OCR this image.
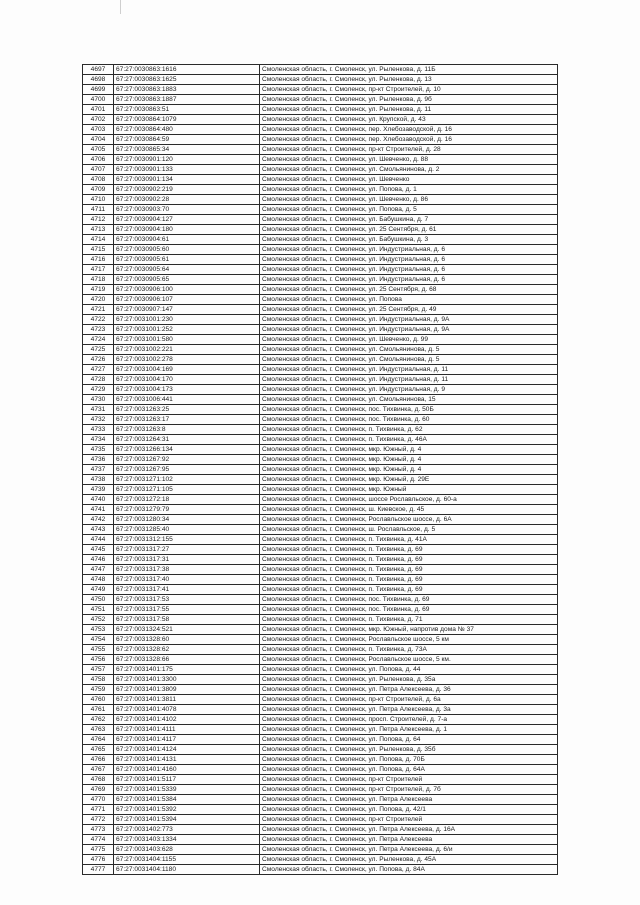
4697	67:27:0030863:1616	Смоленская область, г. Смоленск, ул. Рыленкова, д. 11Б
4698	67:27:0030863:1625	Смоленская область, г. Смоленск, ул. Рыленкова, д. 13
4699	67:27:0030863:1883	Смоленская область, г. Смоленск, пр-кт Строителей, д. 10
4700	67:27:0030863:1887	Смоленская область, г. Смоленск, ул. Рыленкова, д. 9б
4701	67:27:0030863:51	Смоленская область, г. Смоленск, ул. Рыленкова, д. 11
4702	67:27:0030864:1079	Смоленская область, г. Смоленск, ул. Крупской, д. 43
4703	67:27:0030864:480	Смоленская область, г. Смоленск, пер. Хлебозаводской, д. 16
4704	67:27:0030864:59	Смоленская область, г. Смоленск, пер. Хлебозаводской, д. 16
4705	67:27:0030865:34	Смоленская область, г. Смоленск, пр-кт Строителей, д. 28
4706	67:27:0030901:120	Смоленская область, г. Смоленск, ул. Шевченко, д. 88
4707	67:27:0030901:133	Смоленская область, г. Смоленск, ул. Смольянинова, д. 2
4708	67:27:0030901:134	Смоленская область, г. Смоленск, ул. Шевченко
4709	67:27:0030902:219	Смоленская область, г. Смоленск, ул. Попова, д. 1
4710	67:27:0030902:28	Смоленская область, г. Смоленск, ул. Шевченко, д. 86
4711	67:27:0030903:70	Смоленская область, г. Смоленск, ул. Попова, д. 5
4712	67:27:0030904:127	Смоленская область, г. Смоленск, ул. Бабушкина, д. 7
4713	67:27:0030904:180	Смоленская область, г. Смоленск, ул. 25 Сентября, д. 61
4714	67:27:0030904:61	Смоленская область, г. Смоленск, ул. Бабушкина, д. 3
4715	67:27:0030905:60	Смоленская область, г. Смоленск, ул. Индустриальная, д. 6
4716	67:27:0030905:61	Смоленская область, г. Смоленск, ул. Индустриальная, д. 6
4717	67:27:0030905:64	Смоленская область, г. Смоленск, ул. Индустриальная, д. 6
4718	67:27:0030905:65	Смоленская область, г. Смоленск, ул. Индустриальная, д. 6
4719	67:27:0030906:100	Смоленская область, г. Смоленск, ул. 25 Сентября, д. 68
4720	67:27:0030906:107	Смоленская область, г. Смоленск, ул. Попова
4721	67:27:0030907:147	Смоленская область, г. Смоленск, ул. 25 Сентября, д. 49
4722	67:27:0031001:230	Смоленская область, г. Смоленск, ул. Индустриальная, д. 9А
4723	67:27:0031001:252	Смоленская область, г. Смоленск, ул. Индустриальная, д. 9А
4724	67:27:0031001:580	Смоленская область, г. Смоленск, ул. Шевченко, д. 99
4725	67:27:0031002:221	Смоленская область, г. Смоленск, ул. Смольянинова, д. 5
4726	67:27:0031002:278	Смоленская область, г. Смоленск, ул. Смольянинова, д. 5
4727	67:27:0031004:169	Смоленская область, г. Смоленск, ул. Индустриальная, д. 11
4728	67:27:0031004:170	Смоленская область, г. Смоленск, ул. Индустриальная, д. 11
4729	67:27:0031004:173	Смоленская область, г. Смоленск, ул. Индустриальная, д. 9
4730	67:27:0031006:441	Смоленская область, г. Смоленск, ул. Смольянинова, 15
4731	67:27:0031263:25	Смоленская область, г. Смоленск, пос. Тихвинка, д. 50Б
4732	67:27:0031263:17	Смоленская область, г. Смоленск, пос. Тихвинка, д. 60
4733	67:27:0031263:8	Смоленская область, г. Смоленск, п. Тихвинка, д. 62
4734	67:27:0031264:31	Смоленская область, г. Смоленск, п. Тихвинка, д. 46А
4735	67:27:0031266:134	Смоленская область, г. Смоленск, мкр. Южный, д. 4
4736	67:27:0031267:92	Смоленская область, г. Смоленск, мкр. Южный, д. 4
4737	67:27:0031267:95	Смоленская область, г. Смоленск, мкр. Южный, д. 4
4738	67:27:0031271:102	Смоленская область, г. Смоленск, мкр. Южный, д. 29Е
4739	67:27:0031271:105	Смоленская область, г. Смоленск, мкр. Южный
4740	67:27:0031272:18	Смоленская область, г. Смоленск, шоссе Рославльское, д. 60-а
4741	67:27:0031279:79	Смоленская область, г. Смоленск, ш. Киевское, д. 45
4742	67:27:0031280:34	Смоленская область, г. Смоленск, Рославльское шоссе, д. 6А
4743	67:27:0031285:40	Смоленская область, г. Смоленск, ш. Рославльское, д. 5
4744	67:27:0031312:155	Смоленская область, г. Смоленск, п. Тихвинка, д. 41А
4745	67:27:0031317:27	Смоленская область, г. Смоленск, п. Тихвинка, д. 69
4746	67:27:0031317:31	Смоленская область, г. Смоленск, п. Тихвинка, д. 69
4747	67:27:0031317:38	Смоленская область, г. Смоленск, п. Тихвинка, д. 69
4748	67:27:0031317:40	Смоленская область, г. Смоленск, п. Тихвинка, д. 69
4749	67:27:0031317:41	Смоленская область, г. Смоленск, п. Тихвинка, д. 69
4750	67:27:0031317:53	Смоленская область, г. Смоленск, пос. Тихвинка, д. 69
4751	67:27:0031317:55	Смоленская область, г. Смоленск, пос. Тихвинка, д. 69
4752	67:27:0031317:58	Смоленская область, г. Смоленск, п. Тихвинка, д. 71
4753	67:27:0031324:521	Смоленская область, г. Смоленск, мкр. Южный, напротив дома № 37
4754	67:27:0031328:60	Смоленская область, г. Смоленск, Рославльское шоссе, 5 км
4755	67:27:0031328:62	Смоленская область, г. Смоленск, п. Тихвинка, д. 73А
4756	67:27:0031328:66	Смоленская область, г. Смоленск, Рославльское шоссе, 5 км.
4757	67:27:0031401:175	Смоленская область, г. Смоленск, ул. Попова, д. 44
4758	67:27:0031401:3300	Смоленская область, г. Смоленск, ул. Рыленкова, д. 35а
4759	67:27:0031401:3809	Смоленская область, г. Смоленск, ул. Петра Алексеева, д. 36
4760	67:27:0031401:3811	Смоленская область, г. Смоленск, пр-кт Строителей, д. 6а
4761	67:27:0031401:4078	Смоленская область, г. Смоленск, ул. Петра Алексеева, д. 3а
4762	67:27:0031401:4102	Смоленская область, г. Смоленск, просп. Строителей, д. 7-а
4763	67:27:0031401:4111	Смоленская область, г. Смоленск, ул. Петра Алексеева, д. 1
4764	67:27:0031401:4117	Смоленская область, г. Смоленск, ул. Попова, д. 64
4765	67:27:0031401:4124	Смоленская область, г. Смоленск, ул. Рыленкова, д. 35б
4766	67:27:0031401:4131	Смоленская область, г. Смоленск, ул. Попова, д. 70Б
4767	67:27:0031401:4160	Смоленская область, г. Смоленск, ул. Попова, д. 64А
4768	67:27:0031401:5117	Смоленская область, г. Смоленск, пр-кт Строителей
4769	67:27:0031401:5339	Смоленская область, г. Смоленск, пр-кт Строителей, д. 7б
4770	67:27:0031401:5384	Смоленская область, г. Смоленск, ул. Петра Алексеева
4771	67:27:0031401:5392	Смоленская область, г. Смоленск, ул. Попова, д. 42/1
4772	67:27:0031401:5394	Смоленская область, г. Смоленск, пр-кт Строителей
4773	67:27:0031402:773	Смоленская область, г. Смоленск, ул. Петра Алексеева, д. 16А
4774	67:27:0031403:1334	Смоленская область, г. Смоленск, ул. Петра Алексеева
4775	67:27:0031403:628	Смоленская область, г. Смоленск, ул. Петра Алексеева, д. 6/и
4776	67:27:0031404:1155	Смоленская область, г. Смоленск, ул. Рыленкова, д. 45А
4777	67:27:0031404:1180	Смоленская область, г. Смоленск, ул. Попова, д. 84А
